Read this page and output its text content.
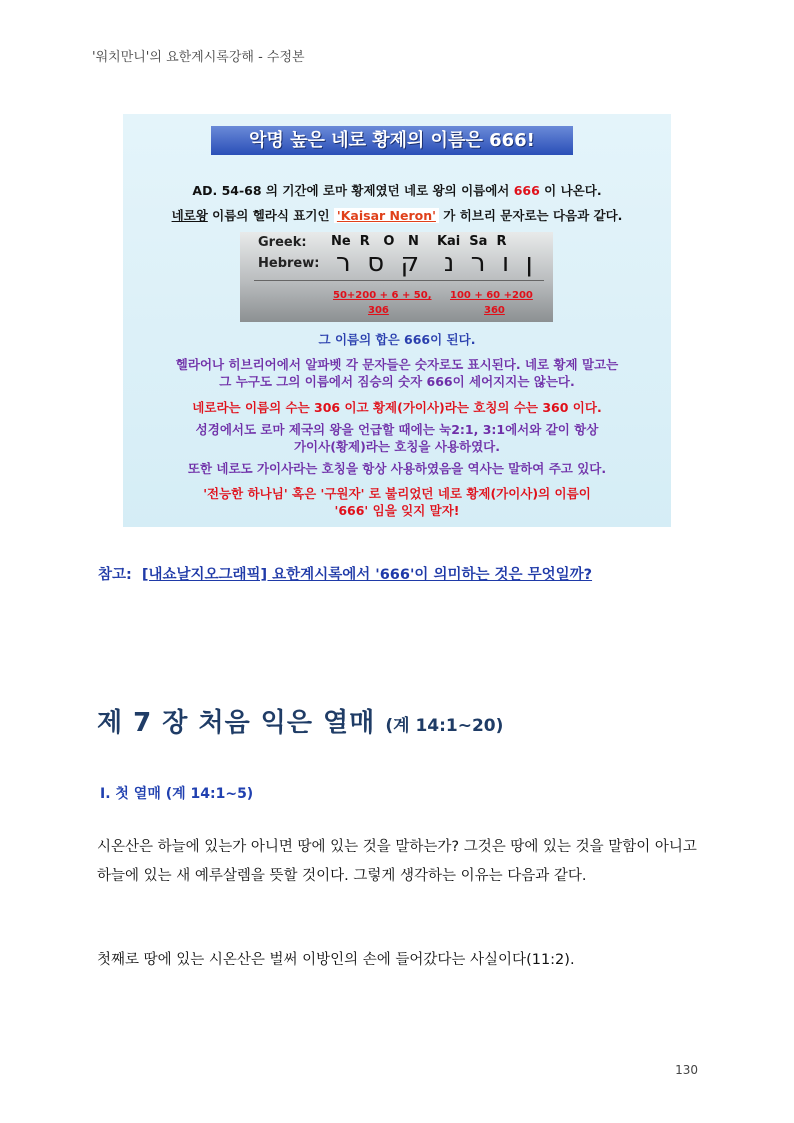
'워치만니'의 요한계시록강해 - 수정본
악명 높은 네로 황제의 이름은 666!
AD. 54-68 의 기간에 로마 황제였던 네로 왕의 이름에서 666 이 나온다.
네로왕 이름의 헬라식 표기인 'Kaisar Neron' 가 히브리 문자로는 다음과 같다.
Greek: Ne  R   O   N    Kai  Sa  R
Hebrew: ן  ו  ר  נ   ק  ס  ר
50+200 + 6 + 50, 100 + 60 +200
306	360
그 이름의 합은 666이 된다.
헬라어나 히브리어에서 알파벳 각 문자들은 숫자로도 표시된다. 네로 황제 말고는
그 누구도 그의 이름에서 짐승의 숫자 666이 세어지지는 않는다.
네로라는 이름의 수는 306 이고 황제(가이사)라는 호칭의 수는 360 이다.
성경에서도 로마 제국의 왕을 언급할 때에는 눅2:1, 3:1에서와 같이 항상
가이사(황제)라는 호칭을 사용하였다.
또한 네로도 가이사라는 호칭을 항상 사용하였음을 역사는 말하여 주고 있다.
'전능한 하나님' 혹은 '구원자' 로 불리었던 네로 황제(가이사)의 이름이
'666' 임을 잊지 말자!
참고: [내쇼날지오그래픽] 요한계시록에서 '666'이 의미하는 것은 무엇일까?
제 7 장 처음 익은 열매 (계 14:1~20)
Ⅰ. 첫 열매 (계 14:1~5)
시온산은 하늘에 있는가 아니면 땅에 있는 것을 말하는가? 그것은 땅에 있는 것을 말함이 아니고 하늘에 있는 새 예루살렘을 뜻할 것이다. 그렇게 생각하는 이유는 다음과 같다.
첫째로 땅에 있는 시온산은 벌써 이방인의 손에 들어갔다는 사실이다(11:2).
130
